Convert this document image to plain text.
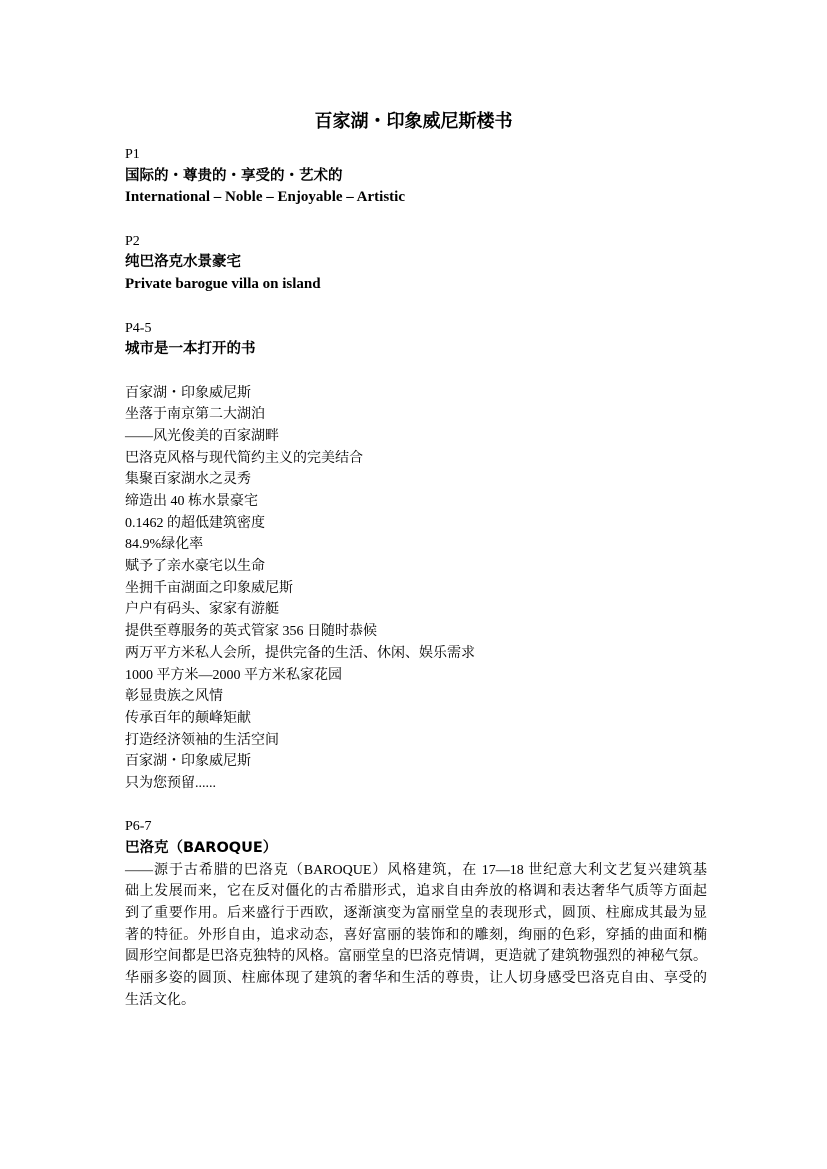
百家湖・印象威尼斯楼书
P1
国际的・尊贵的・享受的・艺术的
International – Noble – Enjoyable – Artistic
P2
纯巴洛克水景豪宅
Private barogue villa on island
P4-5
城市是一本打开的书
百家湖・印象威尼斯
坐落于南京第二大湖泊
——风光俊美的百家湖畔
巴洛克风格与现代简约主义的完美结合
集聚百家湖水之灵秀
缔造出 40 栋水景豪宅
0.1462 的超低建筑密度
84.9%绿化率
赋予了亲水豪宅以生命
坐拥千亩湖面之印象威尼斯
户户有码头、家家有游艇
提供至尊服务的英式管家 356 日随时恭候
两万平方米私人会所，提供完备的生活、休闲、娱乐需求
1000 平方米—2000 平方米私家花园
彰显贵族之风情
传承百年的颠峰矩献
打造经济领袖的生活空间
百家湖・印象威尼斯
只为您预留......
P6-7
巴洛克（BAROQUE）
——源于古希腊的巴洛克（BAROQUE）风格建筑，在 17—18 世纪意大利文艺复兴建筑基
础上发展而来，它在反对僵化的古希腊形式，追求自由奔放的格调和表达奢华气质等方面起
到了重要作用。后来盛行于西欧，逐渐演变为富丽堂皇的表现形式，圆顶、柱廊成其最为显
著的特征。外形自由，追求动态，喜好富丽的装饰和的雕刻，绚丽的色彩，穿插的曲面和椭
圆形空间都是巴洛克独特的风格。富丽堂皇的巴洛克情调，更造就了建筑物强烈的神秘气氛。
华丽多姿的圆顶、柱廊体现了建筑的奢华和生活的尊贵，让人切身感受巴洛克自由、享受的
生活文化。
